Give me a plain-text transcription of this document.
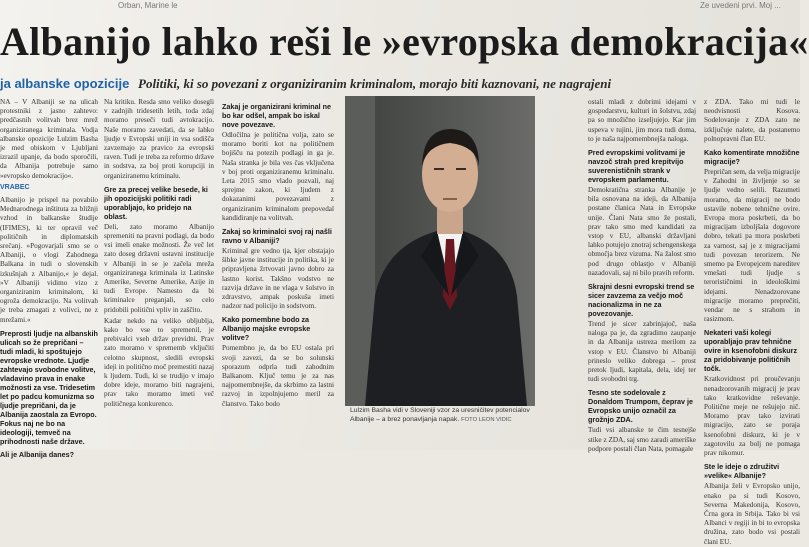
Orban, Marine le	Ze uvedeni prvi. Moj ...
Albanijo lahko reši le »evropska demokracija«
ja albanske opozicije Politiki, ki so povezani z organiziranim kriminalom, morajo biti kaznovani, ne nagrajeni

NA – V Albaniji se na ulicah protestniki z jasno zahtevo: predčasnih volitvah brez mrež organiziranega kriminala. Vodja albanske opozicije Lulzim Basha je med obiskom v Ljubljani izrazil upanje, da bodo sporočili, da Albanija potrebuje samo »evropsko demokracijo«.

VRABEC

Albanijo je prispel na povabilo Mednarodnega inštituta za bližnji vzhod in balkanske študije (IFIMES), ki ter opravil več političnih in diplomatskih srečanj. »Pogovarjali smo se o Albaniji, o vlogi Zahodnega Balkana in tudi o slovenskih izkušnjah z Albanijo,« je dejal. »V Albaniji vidimo vizo z organiziranim kriminalom, ki ogroža demokracijo. Na volitvah je treba zmagati z volivci, ne z mrežami.«

Preprosti ljudje na albanskih ulicah so že prepričani – tudi mladi, ki spoštujejo evropske vrednote. Ljudje zahtevajo svobodne volitve, vladavino prava in enake možnosti za vse. Tridesetim let po padcu komunizma so ljudje prepričani, da je Albanija zaostala za Evropo. Fokus naj ne bo na ideologiji, temveč na prihodnosti naše države.
Ali je Albanija danes?

Na kritiku. Resda smo veliko dosegli v zadnjih tridesetih letih, toda zdaj moramo preseči tudi avtokracijo. Naše moramo zavedati, da se lahko ljudje v Evropski uniji in vsa sodišča zavzemajo za pravico za evropski raven. Tudi je treba za reformo države in sodstva, za boj proti korupciji in organiziranemu kriminalu.

Gre za precej velike besede, ki jih opozicijski politiki radi uporabljajo, ko pridejo na oblast.

Deli, zato moramo Albanijo spremeniti na pravni podlagi, da bodo vsi imeli enake možnosti. Že več let zato doseg državni ustavni institucije v Albaniji in se je začela mreža organiziranega kriminala iz Latinske Amerike, Severne Amerike, Azije in tudi Evrope. Namesto da bi kriminalce preganjali, so celo pridobili politični vpliv in zaščito.

Kadar nekdo na veliko obljublja, kako bo vse to spremenil, je prebivalci vseh držav previdni. Prav zato moramo v sprememb vključiti celotno skupnost, sledili evropski ideji in politično moč premestiti nazaj k ljudem. Tudi, ki se trudijo v imajo dobre ideje, moramo biti nagrajeni, prav tako moramo imeti več političnega konkurenco.

Zakaj je organizirani kriminal ne bo kar odšel, ampak bo iskal nove povezave.

Odločilna je politična volja, zato se moramo boriti kot na političnem bojišču na potezih podlagi in ga je. Naša stranka je bila ves čas vključena v boj proti organiziranemu kriminalu. Leta 2015 smo vlado pozvali, naj sprejme zakon, ki ljudem z dokazanimi povezavami z organiziranim kriminalom prepovedal kandidiranje na volitvah.

Zakaj so kriminalci svoj raj našli ravno v Albaniji?

Kriminal gre vedno tja, kjer obstajajo šibke javne institucije in politika, ki je pripravljena žrtvovati javno dobro za lastno korist. Takšno vodstvo ne razvija države in ne vlaga v šolstvo in zdravstvo, ampak poskuša imeti nadzor nad policijo in sodstvom.

Kako pomembne bodo za Albanijo majske evropske volitve?

Pomembno je, da bo EU ostala pri svoji zavezi, da se bo solunski sporazum odprla tudi zahodnim Balkanom. Ključ temu je za nas najpomembnejše, da skrbimo za lastni razvoj in izpolnjujemo meril za članstvo. Tako bodo

Lulzim Basha vidi v Sloveniji vzor za uresničitev potencialov Albanije – a brez ponavljanja napak. FOTO LEON VIDIC

ostali mladi z dobrimi idejami v gospodarstvu, kulturi in šolstvu, zdaj pa so množično izseljujejo. Kar jim uspeva v tujini, jim mora tudi doma, to je naša najpomembnejša naloga.

Pred evropskimi volitvami je navzoč strah pred krepitvijo suverenističnih strank v evropskem parlamentu.

Demokratična stranka Albanije je bila osnovana na ideji, da Albanija postane članica Nata in Evropske unije. Člani Nata smo že postali, prav tako smo med kandidati za vstop v EU, albanski državljani lahko potujejo znotraj schengenskega območja brez vizuma. Na žalost smo pod drugo oblastjo v Albaniji nazadovali, saj ni bilo pravih reform.

Skrajni desni evropski trend se sicer zavzema za večjo moč nacionalizma in ne za povezovanje.

Trend je sicer zabrinjajoč, naša naloga pa je, da zgradimo zaupanje in da Albanija ustreza merilom za vstop v EU. Članstvo bi Albaniji prineslo veliko dobrega – prost pretok ljudi, kapitala, dela, idej ter tudi svobodni trg.

Tesno ste sodelovale z Donaldom Trumpom, čeprav je Evropsko unijo označil za grožnjo ZDA.

Tudi vsi albanske te čim tesnejše stike z ZDA, saj smo zaradi ameriške podpore postali član Nata, pomagale

z ZDA. Tako mi tudi le neodvisnosti Kosova. Sodelovanje z ZDA zato ne izključuje nalete, da postanemo polnopravni član EU.

Kako komentirate množične migracije?

Prepričan sem, da velja migracije v Zahodni in življenje so se ljudje vedno selili. Razumeti moramo, da migracij ne bodo ustavile nobene tehnične ovire. Evropa mora poskrbeti, da bo migracijam izboljšala dogovore dobro, tekati pa mora poskrbeti za varnost, saj je z migracijami tudi povezan terorizem. Ne smemo pa Evropejcem nareditev vmešati tudi ljudje s terorističnimi in ideološkimi idejami. Nenadzorovane migracije moramo preprečiti, vendar ne s strahom in rasizmom.

Nekateri vaši kolegi uporabljajo prav tehnične ovire in ksenofobni diskurz za pridobivanje političnih točk.

Kratkovidnost pri proučevanju nenadzorovanih migracij je prav tako kratkovidne reševanje. Politične meje ne rešujejo nič. Moramo prav tako izvirati migracijo, zato se poraja ksenofobni diskurz, ki je v zagotovilu za bolj ne pomaga prav nikomur.

Ste le ideje o združitvi »velike« Albanije?

Albanija želi v Evropsko unijo, enako pa si tudi Kosovo, Severna Makedonija, Kosovo, Črna gora in Srbija. Tako bi vsi Albanci v regiji in bi to evropska družina, zato bodo vsi postali člani EU.
